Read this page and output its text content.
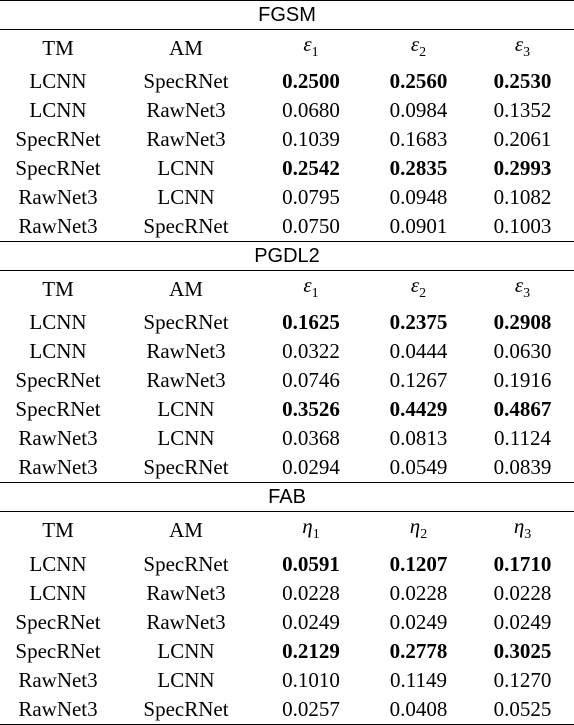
FGSM				
TM	AM	$\varepsilon_1$	$\varepsilon_2$	$\varepsilon_3$
LCNN	SpecRNet	0.2500	0.2560	0.2530
LCNN	RawNet3	0.0680	0.0984	0.1352
SpecRNet	RawNet3	0.1039	0.1683	0.2061
SpecRNet	LCNN	0.2542	0.2835	0.2993
RawNet3	LCNN	0.0795	0.0948	0.1082
RawNet3	SpecRNet	0.0750	0.0901	0.1003
PGDL2				
TM	AM	$\varepsilon_1$	$\varepsilon_2$	$\varepsilon_3$
LCNN	SpecRNet	0.1625	0.2375	0.2908
LCNN	RawNet3	0.0322	0.0444	0.0630
SpecRNet	RawNet3	0.0746	0.1267	0.1916
SpecRNet	LCNN	0.3526	0.4429	0.4867
RawNet3	LCNN	0.0368	0.0813	0.1124
RawNet3	SpecRNet	0.0294	0.0549	0.0839
FAB				
TM	AM	$\eta_1$	$\eta_2$	$\eta_3$
LCNN	SpecRNet	0.0591	0.1207	0.1710
LCNN	RawNet3	0.0228	0.0228	0.0228
SpecRNet	RawNet3	0.0249	0.0249	0.0249
SpecRNet	LCNN	0.2129	0.2778	0.3025
RawNet3	LCNN	0.1010	0.1149	0.1270
RawNet3	SpecRNet	0.0257	0.0408	0.0525
